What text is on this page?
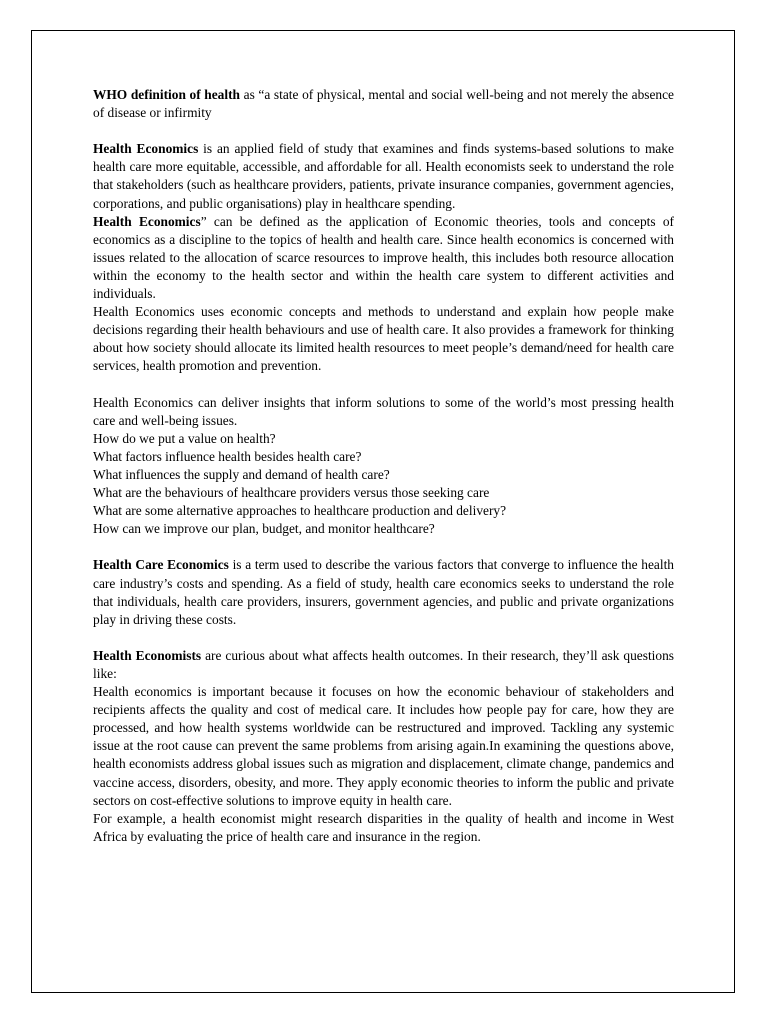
WHO definition of health as “a state of physical, mental and social well-being and not merely the absence of disease or infirmity

Health Economics is an applied field of study that examines and finds systems-based solutions to make health care more equitable, accessible, and affordable for all. Health economists seek to understand the role that stakeholders (such as healthcare providers, patients, private insurance companies, government agencies, corporations, and public organisations) play in healthcare spending.

Health Economics” can be defined as the application of Economic theories, tools and concepts of economics as a discipline to the topics of health and health care. Since health economics is concerned with issues related to the allocation of scarce resources to improve health, this includes both resource allocation within the economy to the health sector and within the health care system to different activities and individuals.

Health Economics uses economic concepts and methods to understand and explain how people make decisions regarding their health behaviours and use of health care. It also provides a framework for thinking about how society should allocate its limited health resources to meet people’s demand/need for health care services, health promotion and prevention.

Health Economics can deliver insights that inform solutions to some of the world’s most pressing health care and well-being issues.

How do we put a value on health?

What factors influence health besides health care?

What influences the supply and demand of health care?

What are the behaviours of healthcare providers versus those seeking care

What are some alternative approaches to healthcare production and delivery?

How can we improve our plan, budget, and monitor healthcare?

Health Care Economics is a term used to describe the various factors that converge to influence the health care industry’s costs and spending. As a field of study, health care economics seeks to understand the role that individuals, health care providers, insurers, government agencies, and public and private organizations play in driving these costs.

Health Economists are curious about what affects health outcomes. In their research, they’ll ask questions like:

Health economics is important because it focuses on how the economic behaviour of stakeholders and recipients affects the quality and cost of medical care. It includes how people pay for care, how they are processed, and how health systems worldwide can be restructured and improved. Tackling any systemic issue at the root cause can prevent the same problems from arising again.In examining the questions above, health economists address global issues such as migration and displacement, climate change, pandemics and vaccine access, disorders, obesity, and more. They apply economic theories to inform the public and private sectors on cost-effective solutions to improve equity in health care.

For example, a health economist might research disparities in the quality of health and income in West Africa by evaluating the price of health care and insurance in the region.
